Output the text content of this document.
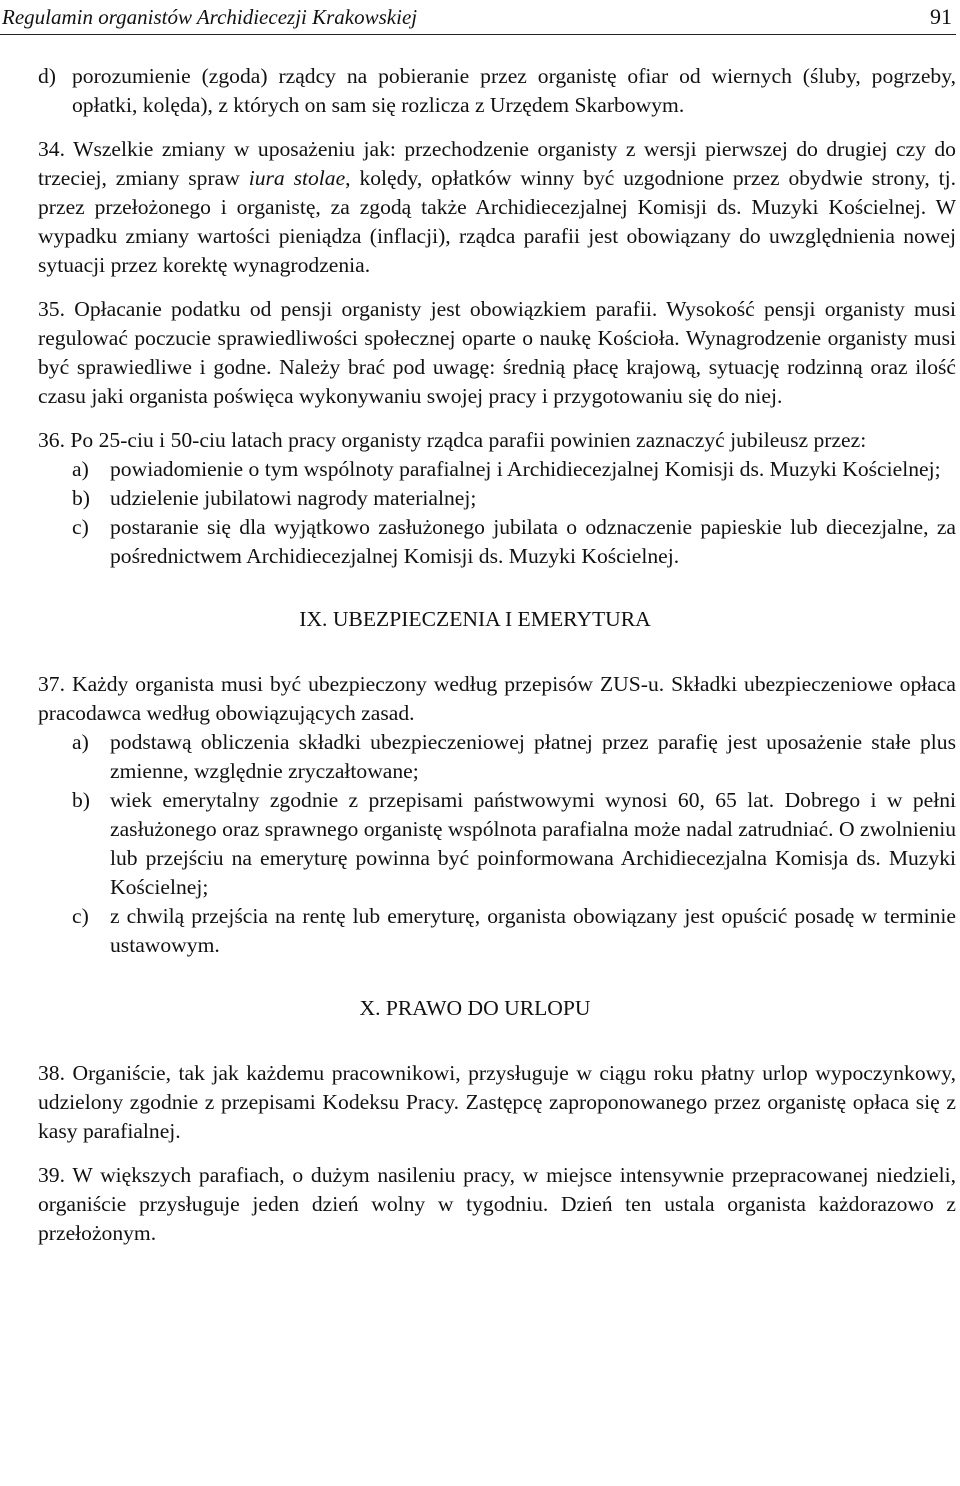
Regulamin organistów Archidiecezji Krakowskiej	91
d) porozumienie (zgoda) rządcy na pobieranie przez organistę ofiar od wiernych (śluby, pogrzeby, opłatki, kolęda), z których on sam się rozlicza z Urzędem Skarbowym.
34. Wszelkie zmiany w uposażeniu jak: przechodzenie organisty z wersji pierwszej do drugiej czy do trzeciej, zmiany spraw iura stolae, kolędy, opłatków winny być uzgodnione przez obydwie strony, tj. przez przełożonego i organistę, za zgodą także Archidiecezjalnej Komisji ds. Muzyki Kościelnej. W wypadku zmiany wartości pieniądza (inflacji), rządca parafii jest obowiązany do uwzględnienia nowej sytuacji przez korektę wynagrodzenia.
35. Opłacanie podatku od pensji organisty jest obowiązkiem parafii. Wysokość pensji organisty musi regulować poczucie sprawiedliwości społecznej oparte o naukę Kościoła. Wynagrodzenie organisty musi być sprawiedliwe i godne. Należy brać pod uwagę: średnią płacę krajową, sytuację rodzinną oraz ilość czasu jaki organista poświęca wykonywaniu swojej pracy i przygotowaniu się do niej.
36. Po 25-ciu i 50-ciu latach pracy organisty rządca parafii powinien zaznaczyć jubileusz przez:
a) powiadomienie o tym wspólnoty parafialnej i Archidiecezjalnej Komisji ds. Muzyki Kościelnej;
b) udzielenie jubilatowi nagrody materialnej;
c) postaranie się dla wyjątkowo zasłużonego jubilata o odznaczenie papieskie lub diecezjalne, za pośrednictwem Archidiecezjalnej Komisji ds. Muzyki Kościelnej.
IX. UBEZPIECZENIA I EMERYTURA
37. Każdy organista musi być ubezpieczony według przepisów ZUS-u. Składki ubezpieczeniowe opłaca pracodawca według obowiązujących zasad.
a) podstawą obliczenia składki ubezpieczeniowej płatnej przez parafię jest uposażenie stałe plus zmienne, względnie zryczałtowane;
b) wiek emerytalny zgodnie z przepisami państwowymi wynosi 60, 65 lat. Dobrego i w pełni zasłużonego oraz sprawnego organistę wspólnota parafialna może nadal zatrudniać. O zwolnieniu lub przejściu na emeryturę powinna być poinformowana Archidiecezjalna Komisja ds. Muzyki Kościelnej;
c) z chwilą przejścia na rentę lub emeryturę, organista obowiązany jest opuścić posadę w terminie ustawowym.
X. PRAWO DO URLOPU
38. Organiście, tak jak każdemu pracownikowi, przysługuje w ciągu roku płatny urlop wypoczynkowy, udzielony zgodnie z przepisami Kodeksu Pracy. Zastępcę zaproponowanego przez organistę opłaca się z kasy parafialnej.
39. W większych parafiach, o dużym nasileniu pracy, w miejsce intensywnie przepracowanej niedzieli, organiście przysługuje jeden dzień wolny w tygodniu. Dzień ten ustala organista każdorazowo z przełożonym.
